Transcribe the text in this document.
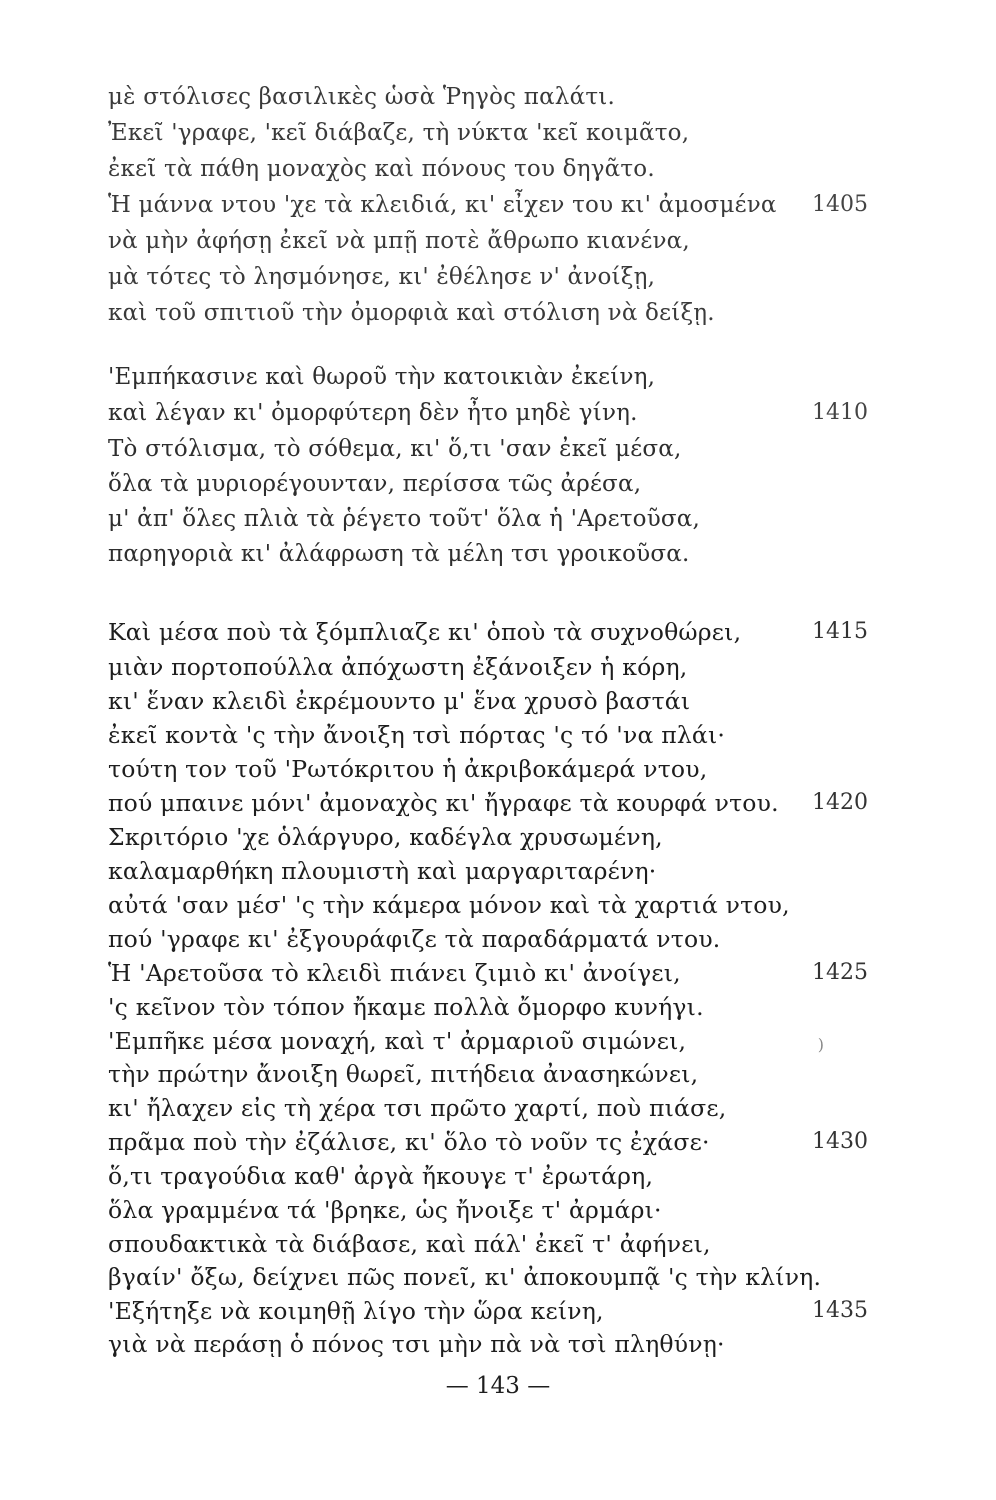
μὲ στόλισες βασιλικὲς ὡσὰ Ῥηγὸς παλάτι.
Ἐκεῖ 'γραφε, 'κεῖ διάβαζε, τὴ νύκτα 'κεῖ κοιμᾶτο,
ἐκεῖ τὰ πάθη μοναχὸς καὶ πόνους του δηγᾶτο.
Ἡ μάννα ντου 'χε τὰ κλειδιά, κι' εἶχεν του κι' ἀμοσμένα
νὰ μὴν ἀφήσῃ ἐκεῖ νὰ μπῇ ποτὲ ἄθρωπο κιανένα,
μὰ τότες τὸ λησμόνησε, κι' ἐθέλησε ν' ἀνοίξῃ,
καὶ τοῦ σπιτιοῦ τὴν ὀμορφιὰ καὶ στόλιση νὰ δείξῃ.
1405
'Εμπήκασινε καὶ θωροῦ τὴν κατοικιὰν ἐκείνη,
καὶ λέγαν κι' ὀμορφύτερη δὲν ἦτο μηδὲ γίνη.
Τὸ στόλισμα, τὸ σόθεμα, κι' ὅ,τι 'σαν ἐκεῖ μέσα,
ὅλα τὰ μυριορέγουνταν, περίσσα τῶς ἀρέσα,
μ' ἀπ' ὅλες πλιὰ τὰ ῥέγετο τοῦτ' ὅλα ἡ 'Αρετοῦσα,
παρηγοριὰ κι' ἀλάφρωση τὰ μέλη τσι γροικοῦσα.
1410
Καὶ μέσα ποὺ τὰ ξόμπλιαζε κι' ὁποὺ τὰ συχνοθώρει,
μιὰν πορτοπούλλα ἀπόχωστη ἐξάνοιξεν ἡ κόρη,
κι' ἕναν κλειδὶ ἐκρέμουντο μ' ἕνα χρυσὸ βαστάι
ἐκεῖ κοντὰ 'ς τὴν ἄνοιξη τσὶ πόρτας 'ς τό 'να πλάι·
τούτη τον τοῦ 'Ρωτόκριτου ἡ ἀκριβοκάμερά ντου,
πού μπαινε μόνι' ἀμοναχὸς κι' ἤγραφε τὰ κουρφά ντου.
Σκριτόριο 'χε ὁλάργυρο, καδέγλα χρυσωμένη,
καλαμαρθήκη πλουμιστὴ καὶ μαργαριταρένη·
αὐτά 'σαν μέσ' 'ς τὴν κάμερα μόνον καὶ τὰ χαρτιά ντου,
πού 'γραφε κι' ἐξγουράφιζε τὰ παραδάρματά ντου.
Ἡ 'Αρετοῦσα τὸ κλειδὶ πιάνει ζιμιὸ κι' ἀνοίγει,
'ς κεῖνον τὸν τόπον ἤκαμε πολλὰ ὄμορφο κυνήγι.
'Εμπῆκε μέσα μοναχή, καὶ τ' ἀρμαριοῦ σιμώνει,
τὴν πρώτην ἄνοιξη θωρεῖ, πιτήδεια ἀνασηκώνει,
κι' ἤλαχεν εἰς τὴ χέρα τσι πρῶτο χαρτί, ποὺ πιάσε,
πρᾶμα ποὺ τὴν ἐζάλισε, κι' ὅλο τὸ νοῦν τς ἐχάσε·
ὅ,τι τραγούδια καθ' ἀργὰ ἤκουγε τ' ἐρωτάρη,
ὅλα γραμμένα τά 'βρηκε, ὡς ἤνοιξε τ' ἀρμάρι·
σπουδακτικὰ τὰ διάβασε, καὶ πάλ' ἐκεῖ τ' ἀφήνει,
βγαίν' ὄξω, δείχνει πῶς πονεῖ, κι' ἀποκουμπᾷ 'ς τὴν κλίνη.
'Εξήτηξε νὰ κοιμηθῇ λίγο τὴν ὥρα κείνη,
γιὰ νὰ περάσῃ ὁ πόνος τσι μὴν πὰ νὰ τσὶ πληθύνῃ·
1415
1420
1425
1430
1435
)
— 143 —
